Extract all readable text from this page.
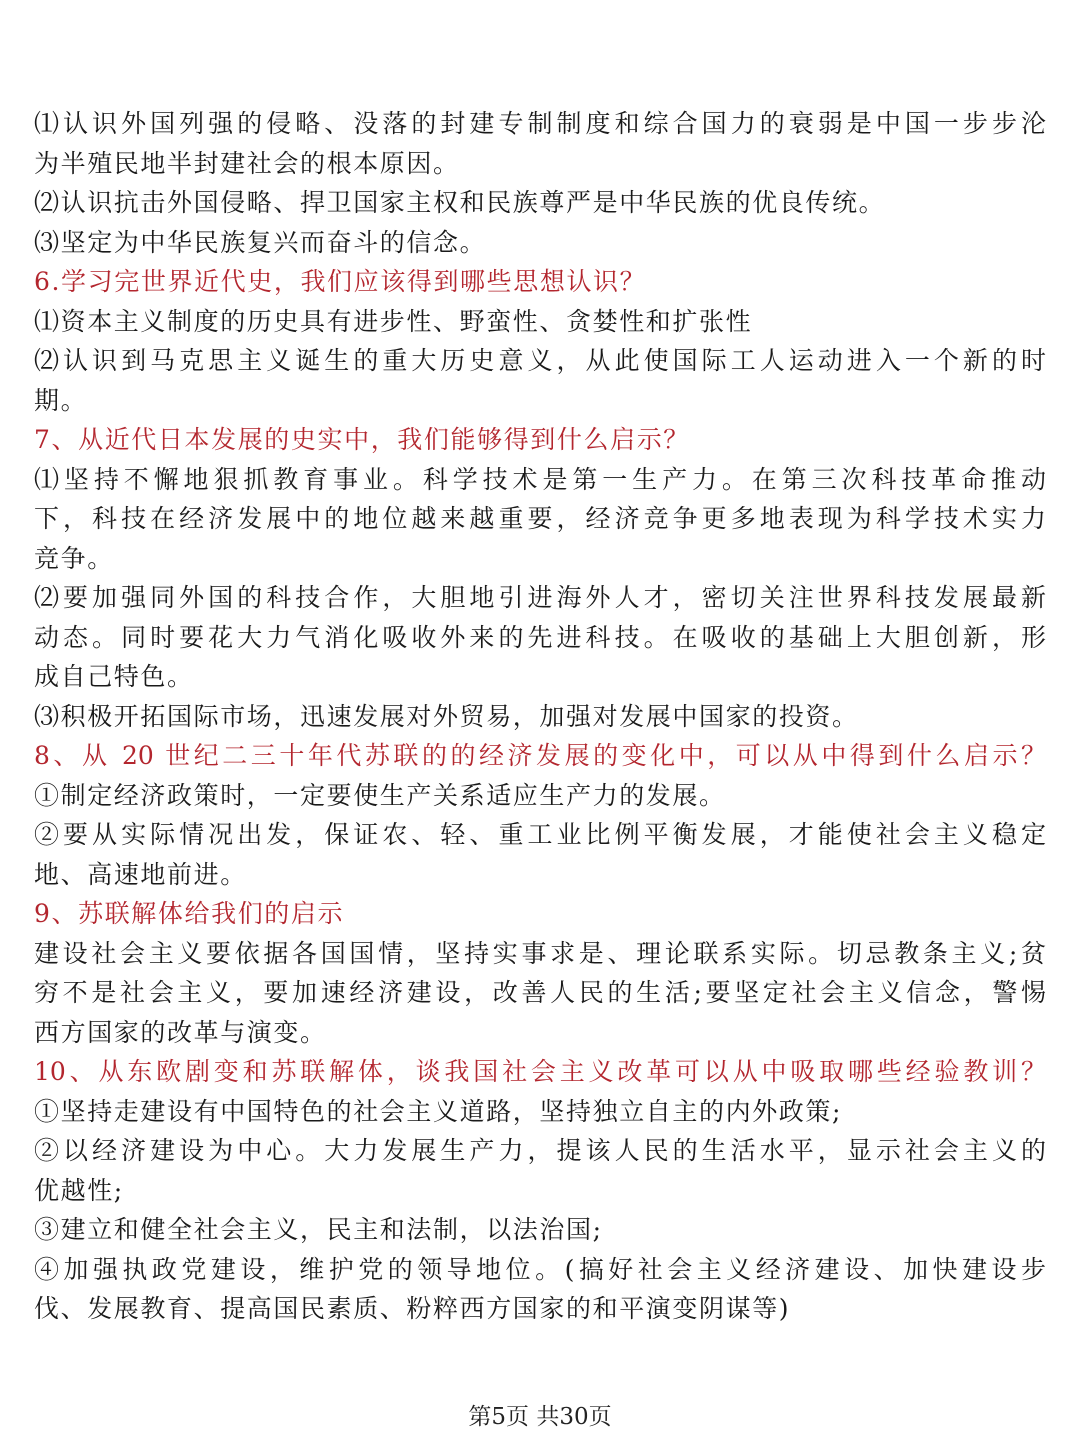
⑴认识外国列强的侵略、没落的封建专制制度和综合国力的衰弱是中国一步步沦
为半殖民地半封建社会的根本原因。
⑵认识抗击外国侵略、捍卫国家主权和民族尊严是中华民族的优良传统。
⑶坚定为中华民族复兴而奋斗的信念。
6.学习完世界近代史，我们应该得到哪些思想认识？
⑴资本主义制度的历史具有进步性、野蛮性、贪婪性和扩张性
⑵认识到马克思主义诞生的重大历史意义，从此使国际工人运动进入一个新的时
期。
7、从近代日本发展的史实中，我们能够得到什么启示？
⑴坚持不懈地狠抓教育事业。科学技术是第一生产力。在第三次科技革命推动
下，科技在经济发展中的地位越来越重要，经济竞争更多地表现为科学技术实力
竞争。
⑵要加强同外国的科技合作，大胆地引进海外人才，密切关注世界科技发展最新
动态。同时要花大力气消化吸收外来的先进科技。在吸收的基础上大胆创新，形
成自己特色。
⑶积极开拓国际市场，迅速发展对外贸易，加强对发展中国家的投资。
8、从 20 世纪二三十年代苏联的的经济发展的变化中，可以从中得到什么启示？
①制定经济政策时，一定要使生产关系适应生产力的发展。
②要从实际情况出发，保证农、轻、重工业比例平衡发展，才能使社会主义稳定
地、高速地前进。
9、苏联解体给我们的启示
建设社会主义要依据各国国情，坚持实事求是、理论联系实际。切忌教条主义;贫
穷不是社会主义，要加速经济建设，改善人民的生活;要坚定社会主义信念，警惕
西方国家的改革与演变。
10、从东欧剧变和苏联解体，谈我国社会主义改革可以从中吸取哪些经验教训？
①坚持走建设有中国特色的社会主义道路，坚持独立自主的内外政策;
②以经济建设为中心。大力发展生产力，提该人民的生活水平，显示社会主义的
优越性;
③建立和健全社会主义，民主和法制，以法治国;
④加强执政党建设，维护党的领导地位。(搞好社会主义经济建设、加快建设步
伐、发展教育、提高国民素质、粉粹西方国家的和平演变阴谋等)
第5页 共30页
